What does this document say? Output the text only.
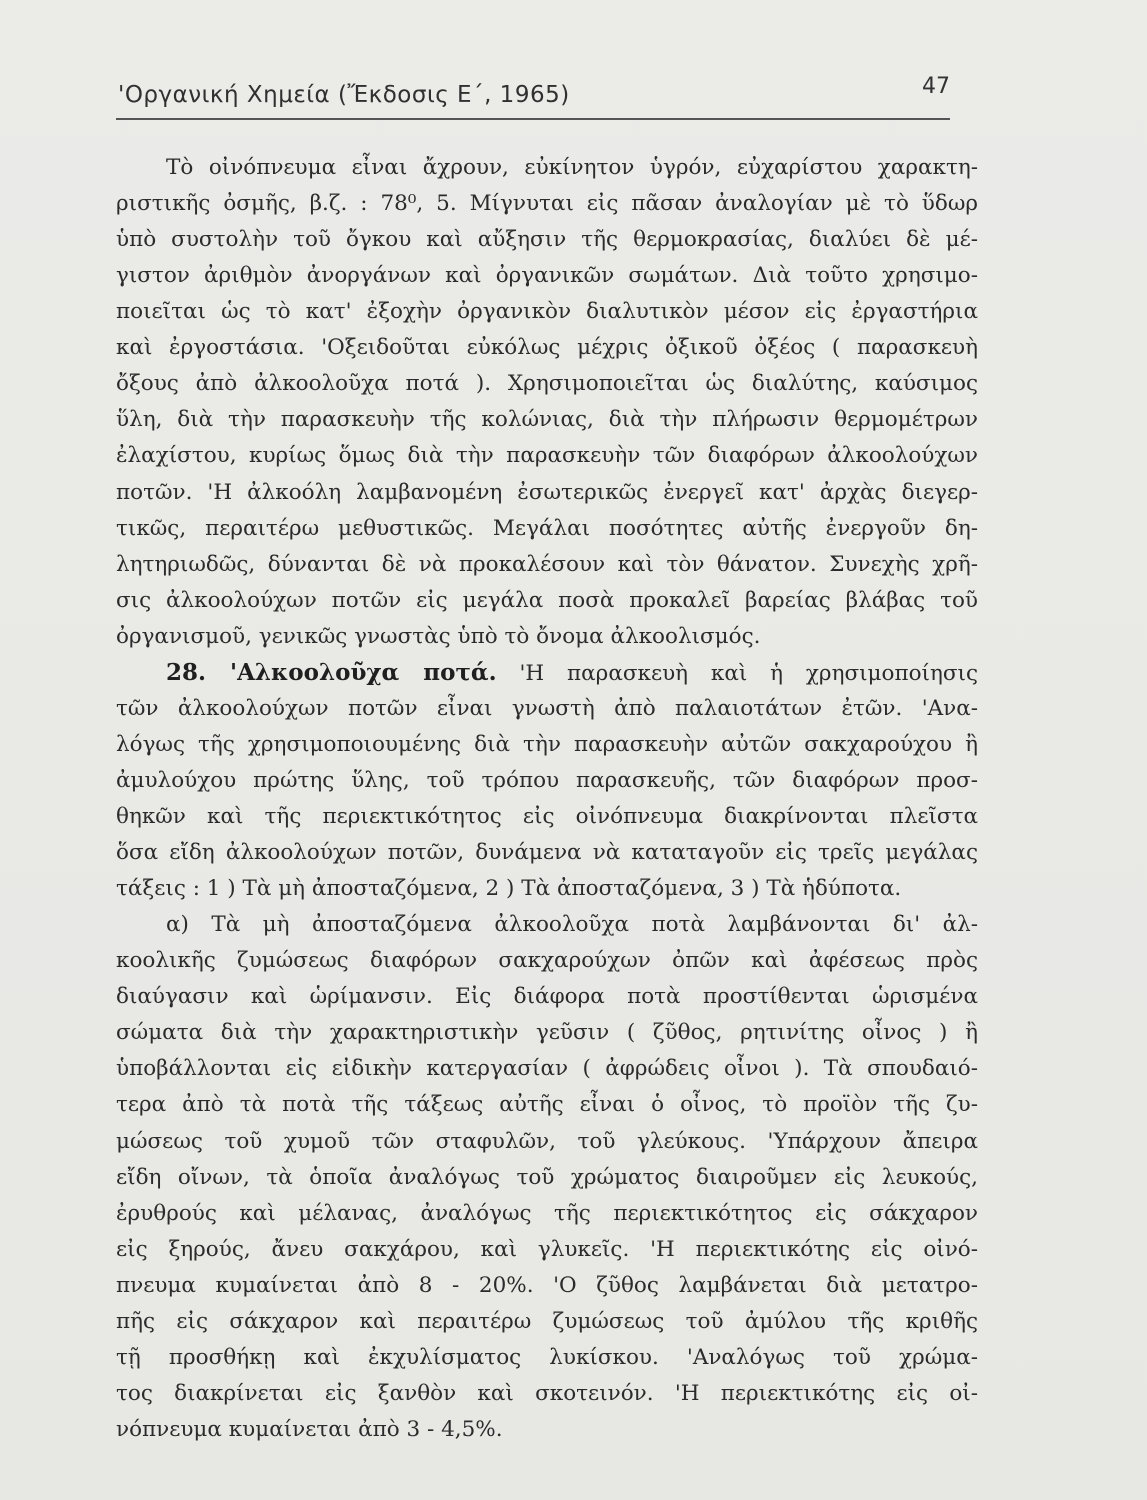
'Οργανική Χημεία (Ἔκδοσις Ε΄, 1965)	47
Τὸ οἰνόπνευμα εἶναι ἄχρουν, εὐκίνητον ὑγρόν, εὐχαρίστου χαρακτη-
ριστικῆς ὀσμῆς, β.ζ. : 78⁰, 5. Μίγνυται εἰς πᾶσαν ἀναλογίαν μὲ τὸ ὕδωρ
ὑπὸ συστολὴν τοῦ ὄγκου καὶ αὔξησιν τῆς θερμοκρασίας, διαλύει δὲ μέ-
γιστον ἀριθμὸν ἀνοργάνων καὶ ὀργανικῶν σωμάτων. Διὰ τοῦτο χρησιμο-
ποιεῖται ὡς τὸ κατ' ἐξοχὴν ὀργανικὸν διαλυτικὸν μέσον εἰς ἐργαστήρια
καὶ ἐργοστάσια. 'Οξειδοῦται εὐκόλως μέχρις ὀξικοῦ ὀξέος ( παρασκευὴ
ὄξους ἀπὸ ἀλκοολοῦχα ποτά ). Χρησιμοποιεῖται ὡς διαλύτης, καύσιμος
ὕλη, διὰ τὴν παρασκευὴν τῆς κολώνιας, διὰ τὴν πλήρωσιν θερμομέτρων
ἐλαχίστου, κυρίως ὅμως διὰ τὴν παρασκευὴν τῶν διαφόρων ἀλκοολούχων
ποτῶν. 'Η ἀλκοόλη λαμβανομένη ἐσωτερικῶς ἐνεργεῖ κατ' ἀρχὰς διεγερ-
τικῶς, περαιτέρω μεθυστικῶς. Μεγάλαι ποσότητες αὐτῆς ἐνεργοῦν δη-
λητηριωδῶς, δύνανται δὲ νὰ προκαλέσουν καὶ τὸν θάνατον. Συνεχὴς χρῆ-
σις ἀλκοολούχων ποτῶν εἰς μεγάλα ποσὰ προκαλεῖ βαρείας βλάβας τοῦ
ὀργανισμοῦ, γενικῶς γνωστὰς ὑπὸ τὸ ὄνομα ἀλκοολισμός.
28. 'Αλκοολοῦχα ποτά. 'Η παρασκευὴ καὶ ἡ χρησιμοποίησις
τῶν ἀλκοολούχων ποτῶν εἶναι γνωστὴ ἀπὸ παλαιοτάτων ἐτῶν. 'Ανα-
λόγως τῆς χρησιμοποιουμένης διὰ τὴν παρασκευὴν αὐτῶν σακχαρούχου ἢ
ἀμυλούχου πρώτης ὕλης, τοῦ τρόπου παρασκευῆς, τῶν διαφόρων προσ-
θηκῶν καὶ τῆς περιεκτικότητος εἰς οἰνόπνευμα διακρίνονται πλεῖστα
ὅσα εἴδη ἀλκοολούχων ποτῶν, δυνάμενα νὰ καταταγοῦν εἰς τρεῖς μεγάλας
τάξεις : 1 ) Τὰ μὴ ἀποσταζόμενα, 2 ) Τὰ ἀποσταζόμενα, 3 ) Τὰ ἡδύποτα.
α) Τὰ μὴ ἀποσταζόμενα ἀλκοολοῦχα ποτὰ λαμβάνονται δι' ἀλ-
κοολικῆς ζυμώσεως διαφόρων σακχαρούχων ὀπῶν καὶ ἀφέσεως πρὸς
διαύγασιν καὶ ὡρίμανσιν. Εἰς διάφορα ποτὰ προστίθενται ὡρισμένα
σώματα διὰ τὴν χαρακτηριστικὴν γεῦσιν ( ζῦθος, ρητινίτης οἶνος ) ἢ
ὑποβάλλονται εἰς εἰδικὴν κατεργασίαν ( ἀφρώδεις οἶνοι ). Τὰ σπουδαιό-
τερα ἀπὸ τὰ ποτὰ τῆς τάξεως αὐτῆς εἶναι ὁ οἶνος, τὸ προϊὸν τῆς ζυ-
μώσεως τοῦ χυμοῦ τῶν σταφυλῶν, τοῦ γλεύκους. 'Υπάρχουν ἄπειρα
εἴδη οἴνων, τὰ ὁποῖα ἀναλόγως τοῦ χρώματος διαιροῦμεν εἰς λευκούς,
ἐρυθρούς καὶ μέλανας, ἀναλόγως τῆς περιεκτικότητος εἰς σάκχαρον
εἰς ξηρούς, ἄνευ σακχάρου, καὶ γλυκεῖς. 'Η περιεκτικότης εἰς οἰνό-
πνευμα κυμαίνεται ἀπὸ 8 - 20%. 'Ο ζῦθος λαμβάνεται διὰ μετατρο-
πῆς εἰς σάκχαρον καὶ περαιτέρω ζυμώσεως τοῦ ἀμύλου τῆς κριθῆς
τῇ προσθήκῃ καὶ ἐκχυλίσματος λυκίσκου. 'Αναλόγως τοῦ χρώμα-
τος διακρίνεται εἰς ξανθὸν καὶ σκοτεινόν. 'Η περιεκτικότης εἰς οἰ-
νόπνευμα κυμαίνεται ἀπὸ 3 - 4,5%.
